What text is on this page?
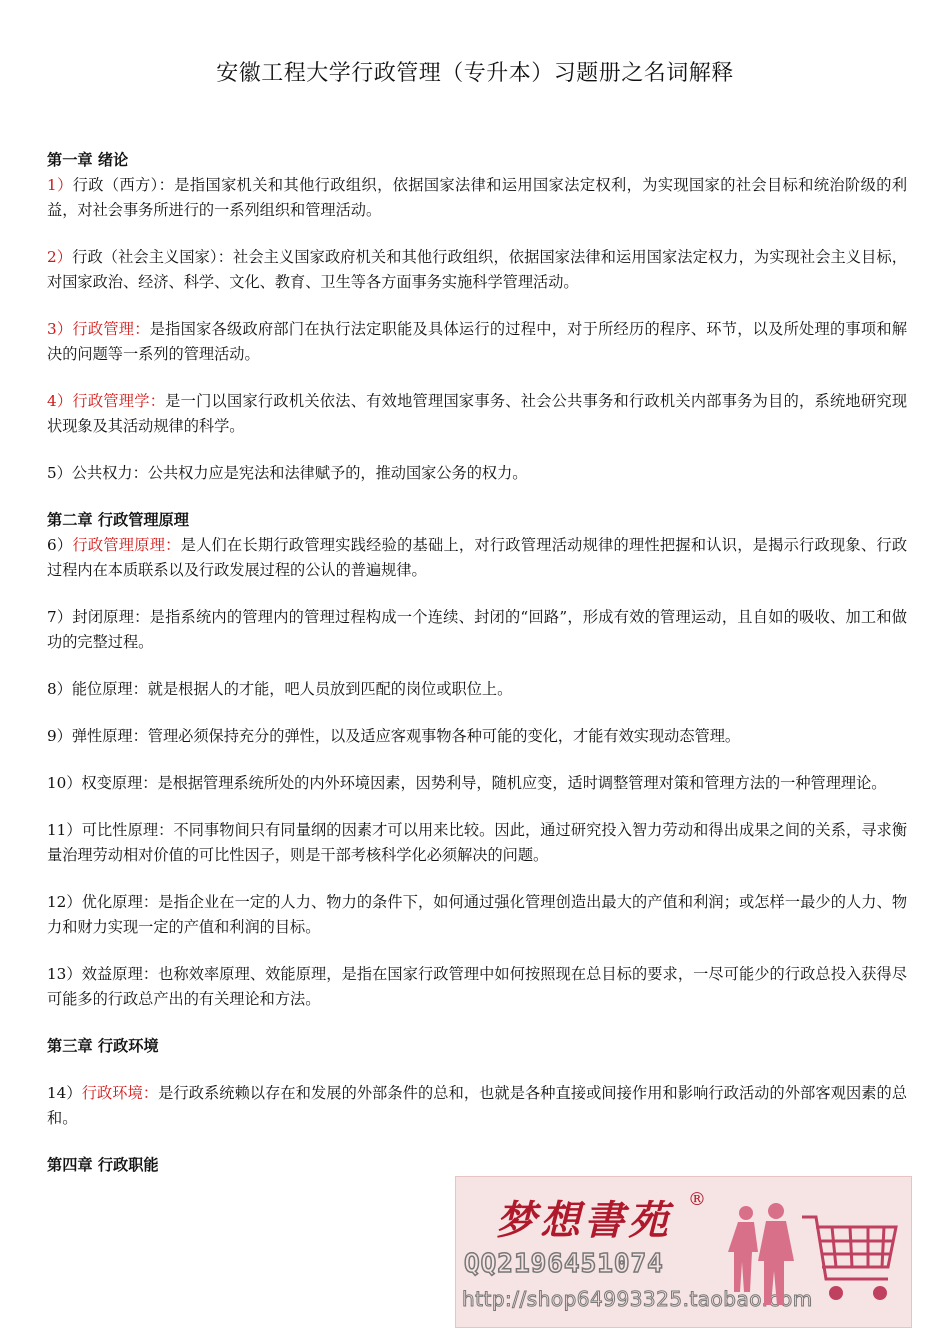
安徽工程大学行政管理（专升本）习题册之名词解释

第一章 绪论

1）行政（西方）：是指国家机关和其他行政组织，依据国家法律和运用国家法定权利，为实现国家的社会目标和统治阶级的利益，对社会事务所进行的一系列组织和管理活动。

2）行政（社会主义国家）：社会主义国家政府机关和其他行政组织，依据国家法律和运用国家法定权力，为实现社会主义目标，对国家政治、经济、科学、文化、教育、卫生等各方面事务实施科学管理活动。

3）行政管理：是指国家各级政府部门在执行法定职能及具体运行的过程中，对于所经历的程序、环节，以及所处理的事项和解决的问题等一系列的管理活动。

4）行政管理学：是一门以国家行政机关依法、有效地管理国家事务、社会公共事务和行政机关内部事务为目的，系统地研究现状现象及其活动规律的科学。

5）公共权力：公共权力应是宪法和法律赋予的，推动国家公务的权力。

第二章 行政管理原理

6）行政管理原理：是人们在长期行政管理实践经验的基础上，对行政管理活动规律的理性把握和认识，是揭示行政现象、行政过程内在本质联系以及行政发展过程的公认的普遍规律。

7）封闭原理：是指系统内的管理内的管理过程构成一个连续、封闭的“回路”，形成有效的管理运动，且自如的吸收、加工和做功的完整过程。

8）能位原理：就是根据人的才能，吧人员放到匹配的岗位或职位上。

9）弹性原理：管理必须保持充分的弹性，以及适应客观事物各种可能的变化，才能有效实现动态管理。

10）权变原理：是根据管理系统所处的内外环境因素，因势利导，随机应变，适时调整管理对策和管理方法的一种管理理论。

11）可比性原理：不同事物间只有同量纲的因素才可以用来比较。因此，通过研究投入智力劳动和得出成果之间的关系，寻求衡量治理劳动相对价值的可比性因子，则是干部考核科学化必须解决的问题。

12）优化原理：是指企业在一定的人力、物力的条件下，如何通过强化管理创造出最大的产值和利润；或怎样一最少的人力、物力和财力实现一定的产值和利润的目标。

13）效益原理：也称效率原理、效能原理，是指在国家行政管理中如何按照现在总目标的要求，一尽可能少的行政总投入获得尽可能多的行政总产出的有关理论和方法。

第三章 行政环境

14）行政环境：是行政系统赖以存在和发展的外部条件的总和，也就是各种直接或间接作用和影响行政活动的外部客观因素的总和。

第四章 行政职能

梦想書苑 ®
QQ2196451074
http://shop64993325.taobao.com
